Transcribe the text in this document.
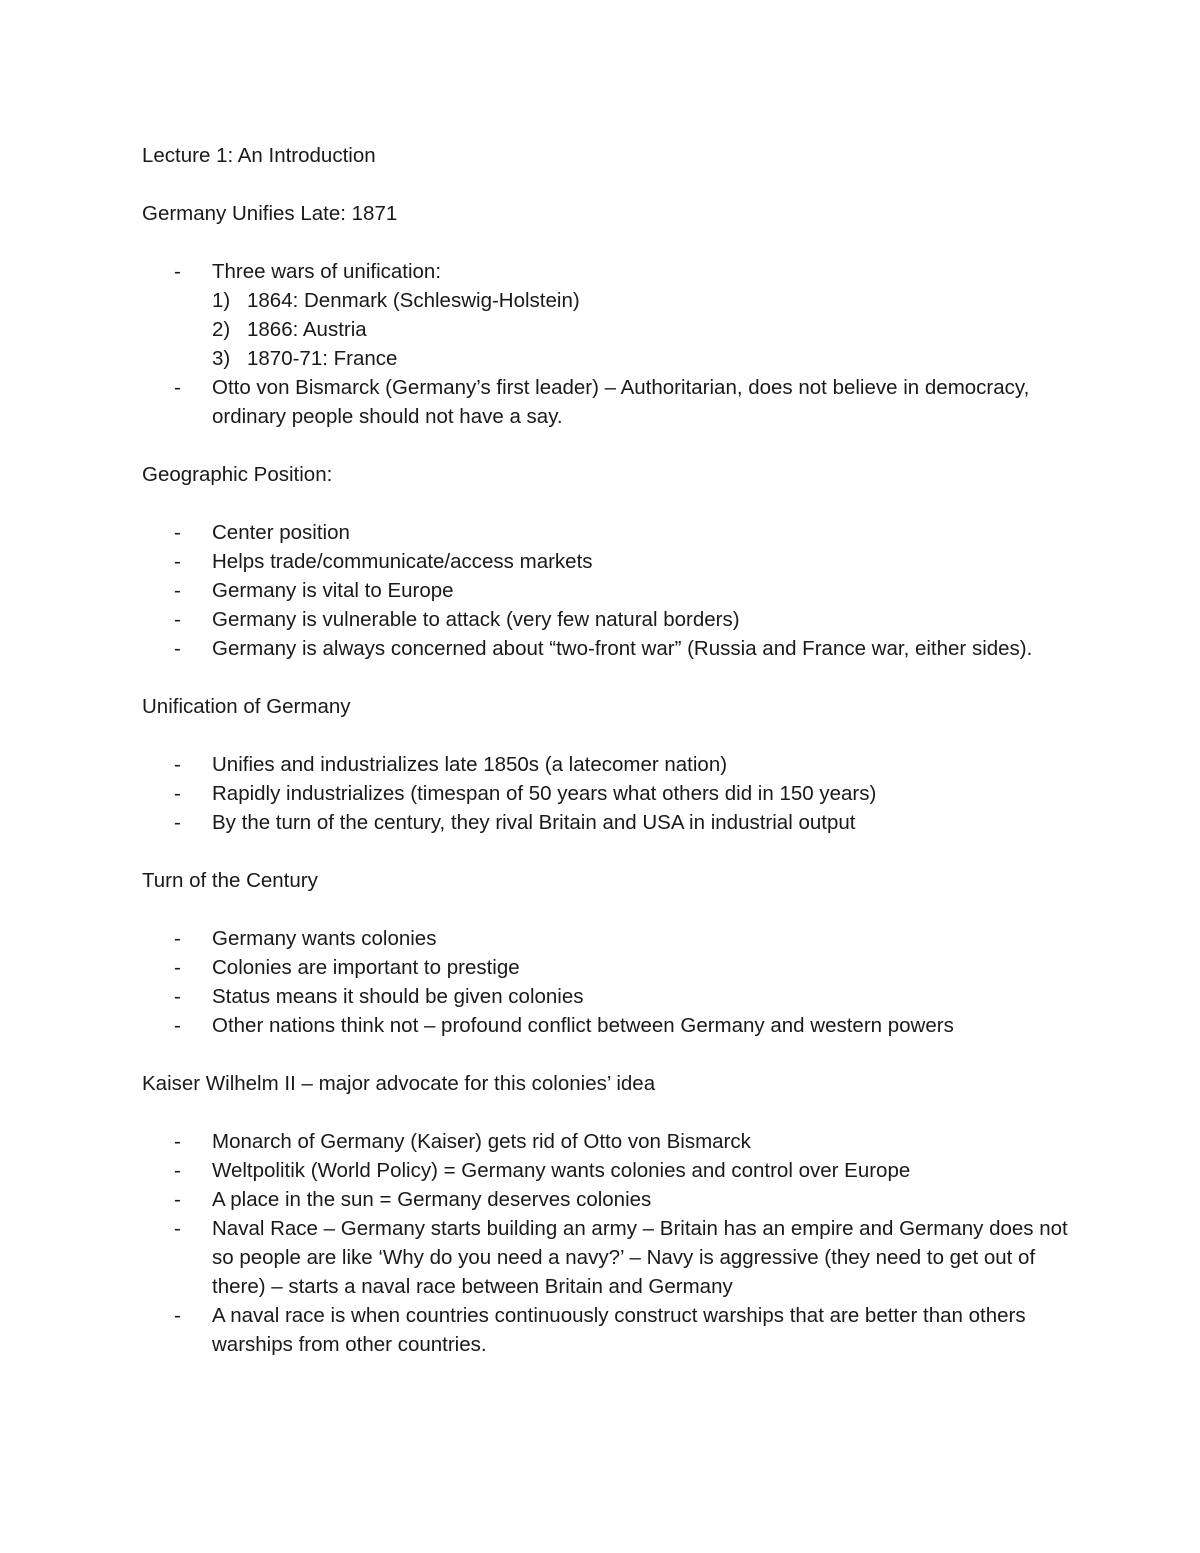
Lecture 1: An Introduction

Germany Unifies Late: 1871

- Three wars of unification:
1) 1864: Denmark (Schleswig-Holstein)
2) 1866: Austria
3) 1870-71: France
- Otto von Bismarck (Germany’s first leader) – Authoritarian, does not believe in democracy, ordinary people should not have a say.

Geographic Position:

- Center position
- Helps trade/communicate/access markets
- Germany is vital to Europe
- Germany is vulnerable to attack (very few natural borders)
- Germany is always concerned about “two-front war” (Russia and France war, either sides).

Unification of Germany

- Unifies and industrializes late 1850s (a latecomer nation)
- Rapidly industrializes (timespan of 50 years what others did in 150 years)
- By the turn of the century, they rival Britain and USA in industrial output

Turn of the Century

- Germany wants colonies
- Colonies are important to prestige
- Status means it should be given colonies
- Other nations think not – profound conflict between Germany and western powers

Kaiser Wilhelm II – major advocate for this colonies’ idea

- Monarch of Germany (Kaiser) gets rid of Otto von Bismarck
- Weltpolitik (World Policy) = Germany wants colonies and control over Europe
- A place in the sun = Germany deserves colonies
- Naval Race – Germany starts building an army – Britain has an empire and Germany does not so people are like ‘Why do you need a navy?’ – Navy is aggressive (they need to get out of there) – starts a naval race between Britain and Germany
- A naval race is when countries continuously construct warships that are better than others warships from other countries.
